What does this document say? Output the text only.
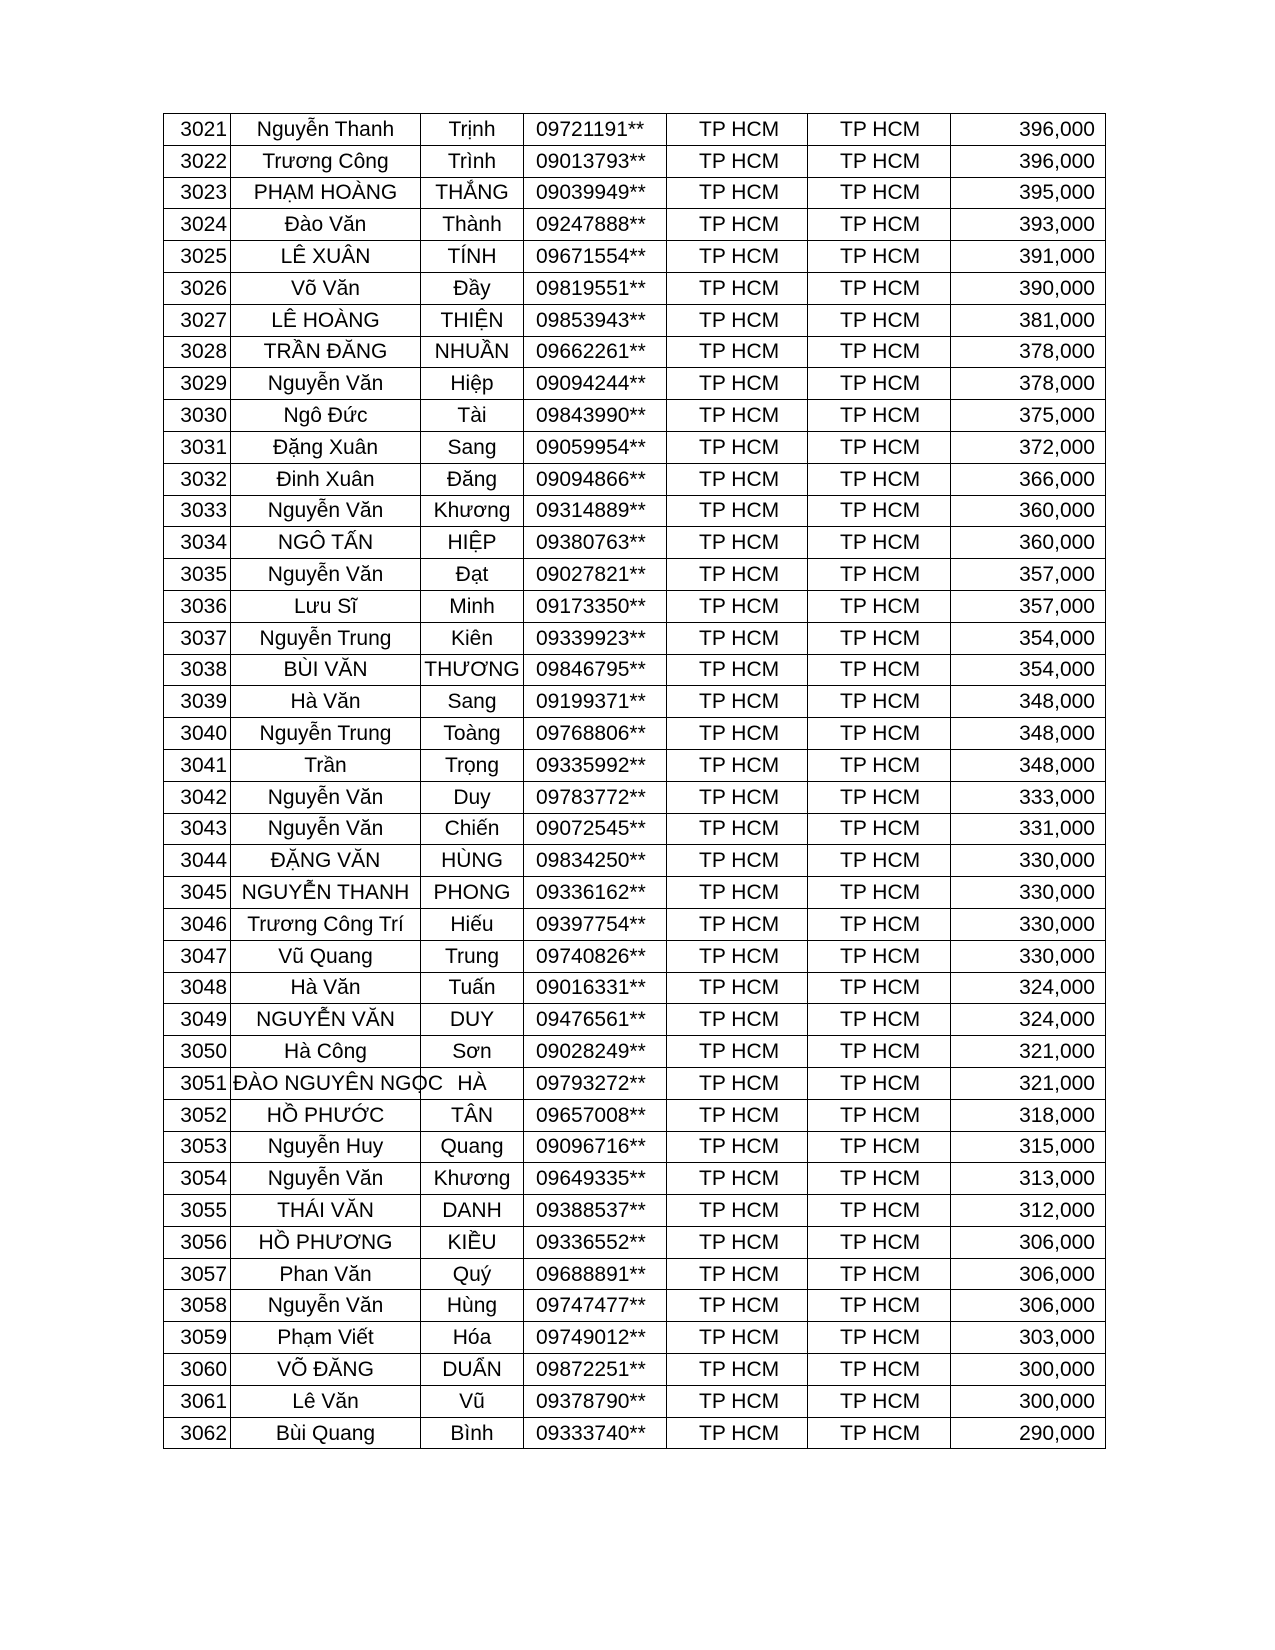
3021	Nguyễn Thanh	Trịnh	09721191**	TP HCM	TP HCM	396,000
3022	Trương Công	Trình	09013793**	TP HCM	TP HCM	396,000
3023	PHẠM HOÀNG	THẮNG	09039949**	TP HCM	TP HCM	395,000
3024	Đào Văn	Thành	09247888**	TP HCM	TP HCM	393,000
3025	LÊ XUÂN	TÍNH	09671554**	TP HCM	TP HCM	391,000
3026	Võ Văn	Đầy	09819551**	TP HCM	TP HCM	390,000
3027	LÊ HOÀNG	THIỆN	09853943**	TP HCM	TP HCM	381,000
3028	TRẦN ĐĂNG	NHUẦN	09662261**	TP HCM	TP HCM	378,000
3029	Nguyễn Văn	Hiệp	09094244**	TP HCM	TP HCM	378,000
3030	Ngô Đức	Tài	09843990**	TP HCM	TP HCM	375,000
3031	Đặng Xuân	Sang	09059954**	TP HCM	TP HCM	372,000
3032	Đinh Xuân	Đăng	09094866**	TP HCM	TP HCM	366,000
3033	Nguyễn Văn	Khương	09314889**	TP HCM	TP HCM	360,000
3034	NGÔ TẤN	HIỆP	09380763**	TP HCM	TP HCM	360,000
3035	Nguyễn Văn	Đạt	09027821**	TP HCM	TP HCM	357,000
3036	Lưu Sĩ	Minh	09173350**	TP HCM	TP HCM	357,000
3037	Nguyễn Trung	Kiên	09339923**	TP HCM	TP HCM	354,000
3038	BÙI VĂN	THƯƠNG	09846795**	TP HCM	TP HCM	354,000
3039	Hà Văn	Sang	09199371**	TP HCM	TP HCM	348,000
3040	Nguyễn Trung	Toàng	09768806**	TP HCM	TP HCM	348,000
3041	Trần	Trọng	09335992**	TP HCM	TP HCM	348,000
3042	Nguyễn Văn	Duy	09783772**	TP HCM	TP HCM	333,000
3043	Nguyễn Văn	Chiến	09072545**	TP HCM	TP HCM	331,000
3044	ĐẶNG VĂN	HÙNG	09834250**	TP HCM	TP HCM	330,000
3045	NGUYỄN THANH	PHONG	09336162**	TP HCM	TP HCM	330,000
3046	Trương Công Trí	Hiếu	09397754**	TP HCM	TP HCM	330,000
3047	Vũ Quang	Trung	09740826**	TP HCM	TP HCM	330,000
3048	Hà Văn	Tuấn	09016331**	TP HCM	TP HCM	324,000
3049	NGUYỄN VĂN	DUY	09476561**	TP HCM	TP HCM	324,000
3050	Hà Công	Sơn	09028249**	TP HCM	TP HCM	321,000
3051	ĐÀO NGUYÊN NGỌC	HÀ	09793272**	TP HCM	TP HCM	321,000
3052	HỒ PHƯỚC	TÂN	09657008**	TP HCM	TP HCM	318,000
3053	Nguyễn Huy	Quang	09096716**	TP HCM	TP HCM	315,000
3054	Nguyễn Văn	Khương	09649335**	TP HCM	TP HCM	313,000
3055	THÁI VĂN	DANH	09388537**	TP HCM	TP HCM	312,000
3056	HỒ PHƯƠNG	KIỀU	09336552**	TP HCM	TP HCM	306,000
3057	Phan Văn	Quý	09688891**	TP HCM	TP HCM	306,000
3058	Nguyễn Văn	Hùng	09747477**	TP HCM	TP HCM	306,000
3059	Phạm Viết	Hóa	09749012**	TP HCM	TP HCM	303,000
3060	VÕ ĐĂNG	DUẨN	09872251**	TP HCM	TP HCM	300,000
3061	Lê Văn	Vũ	09378790**	TP HCM	TP HCM	300,000
3062	Bùi Quang	Bình	09333740**	TP HCM	TP HCM	290,000
